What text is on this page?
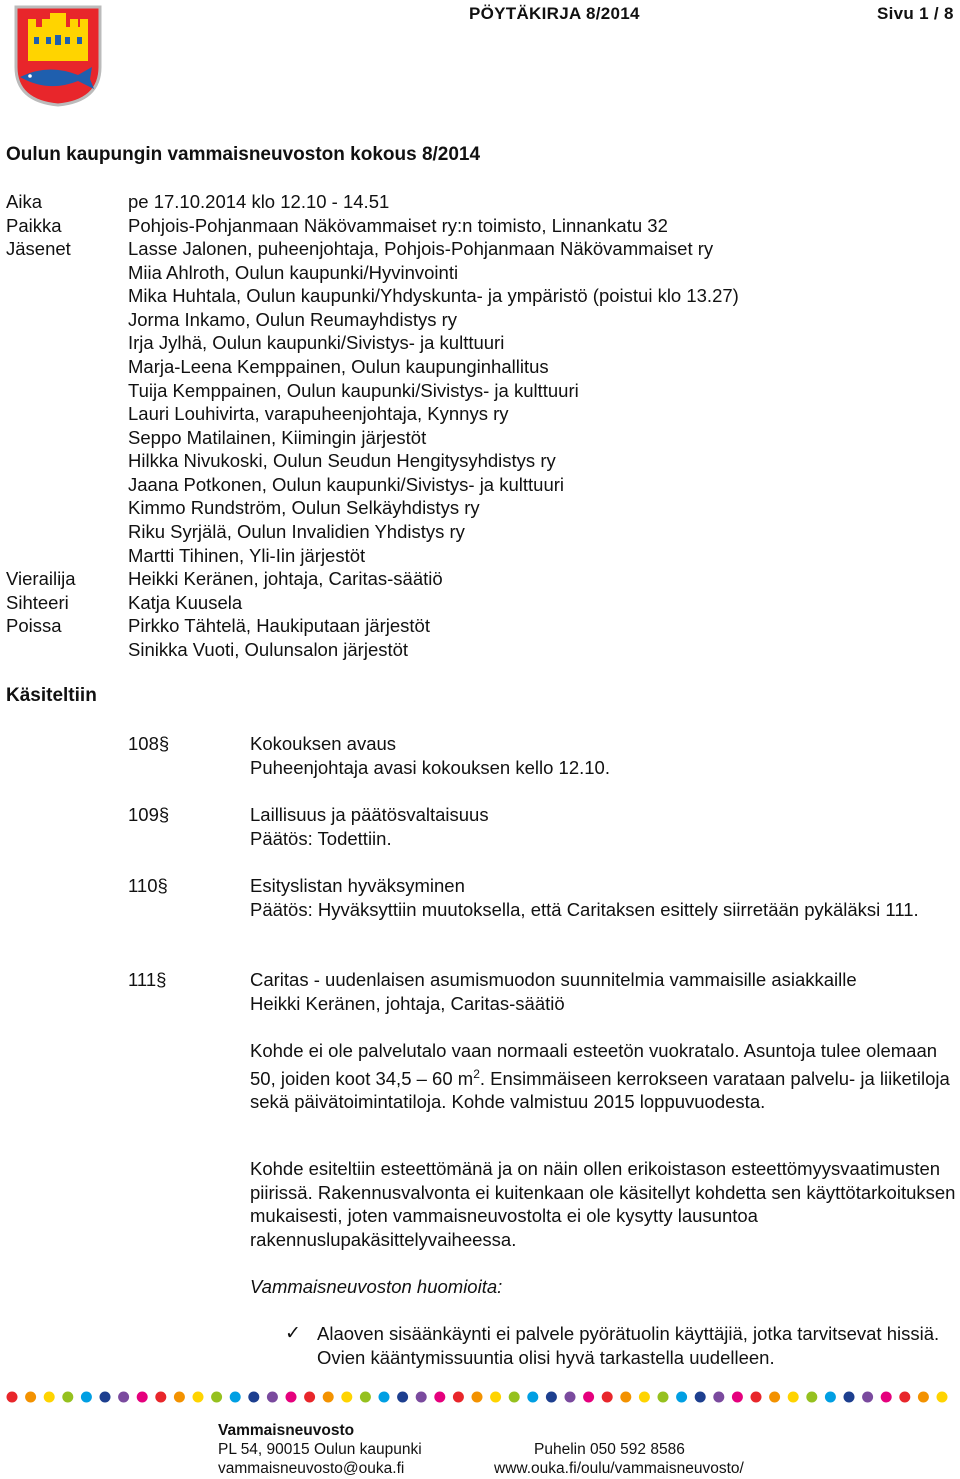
PÖYTÄKIRJA 8/2014	Sivu 1 / 8
Oulun kaupungin vammaisneuvoston kokous 8/2014
Aika	pe 17.10.2014 klo 12.10 - 14.51
Paikka	Pohjois-Pohjanmaan Näkövammaiset ry:n toimisto, Linnankatu 32
Jäsenet	Lasse Jalonen, puheenjohtaja, Pohjois-Pohjanmaan Näkövammaiset ry
Miia Ahlroth, Oulun kaupunki/Hyvinvointi
Mika Huhtala, Oulun kaupunki/Yhdyskunta- ja ympäristö (poistui klo 13.27)
Jorma Inkamo, Oulun Reumayhdistys ry
Irja Jylhä, Oulun kaupunki/Sivistys- ja kulttuuri
Marja-Leena Kemppainen, Oulun kaupunginhallitus
Tuija Kemppainen, Oulun kaupunki/Sivistys- ja kulttuuri
Lauri Louhivirta, varapuheenjohtaja, Kynnys ry
Seppo Matilainen, Kiimingin järjestöt
Hilkka Nivukoski, Oulun Seudun Hengitysyhdistys ry
Jaana Potkonen, Oulun kaupunki/Sivistys- ja kulttuuri
Kimmo Rundström, Oulun Selkäyhdistys ry
Riku Syrjälä, Oulun Invalidien Yhdistys ry
Martti Tihinen, Yli-Iin järjestöt
Vierailija	Heikki Keränen, johtaja, Caritas-säätiö
Sihteeri	Katja Kuusela
Poissa	Pirkko Tähtelä, Haukiputaan järjestöt
Sinikka Vuoti, Oulunsalon järjestöt
Käsiteltiin
108§	Kokouksen avaus
Puheenjohtaja avasi kokouksen kello 12.10.
109§	Laillisuus ja päätösvaltaisuus
Päätös: Todettiin.
110§	Esityslistan hyväksyminen
Päätös: Hyväksyttiin muutoksella, että Caritaksen esittely siirretään pykäläksi 111.
111§	Caritas - uudenlaisen asumismuodon suunnitelmia vammaisille asiakkaille
Heikki Keränen, johtaja, Caritas-säätiö
Kohde ei ole palvelutalo vaan normaali esteetön vuokratalo. Asuntoja tulee olemaan 50, joiden koot 34,5 – 60 $m^2$. Ensimmäiseen kerrokseen varataan palvelu- ja liiketiloja sekä päivätoimintatiloja. Kohde valmistuu 2015 loppuvuodesta.
Kohde esiteltiin esteettömänä ja on näin ollen erikoistason esteettömyysvaatimusten piirissä. Rakennusvalvonta ei kuitenkaan ole käsitellyt kohdetta sen käyttötarkoituksen mukaisesti, joten vammaisneuvostolta ei ole kysytty lausuntoa rakennuslupakäsittelyvaiheessa.
Vammaisneuvoston huomioita:
✓ Alaoven sisäänkäynti ei palvele pyörätuolin käyttäjiä, jotka tarvitsevat hissiä. Ovien kääntymissuuntia olisi hyvä tarkastella uudelleen.
Vammaisneuvosto
PL 54, 90015 Oulun kaupunki
vammaisneuvosto@ouka.fi
Puhelin 050 592 8586
www.ouka.fi/oulu/vammaisneuvosto/
